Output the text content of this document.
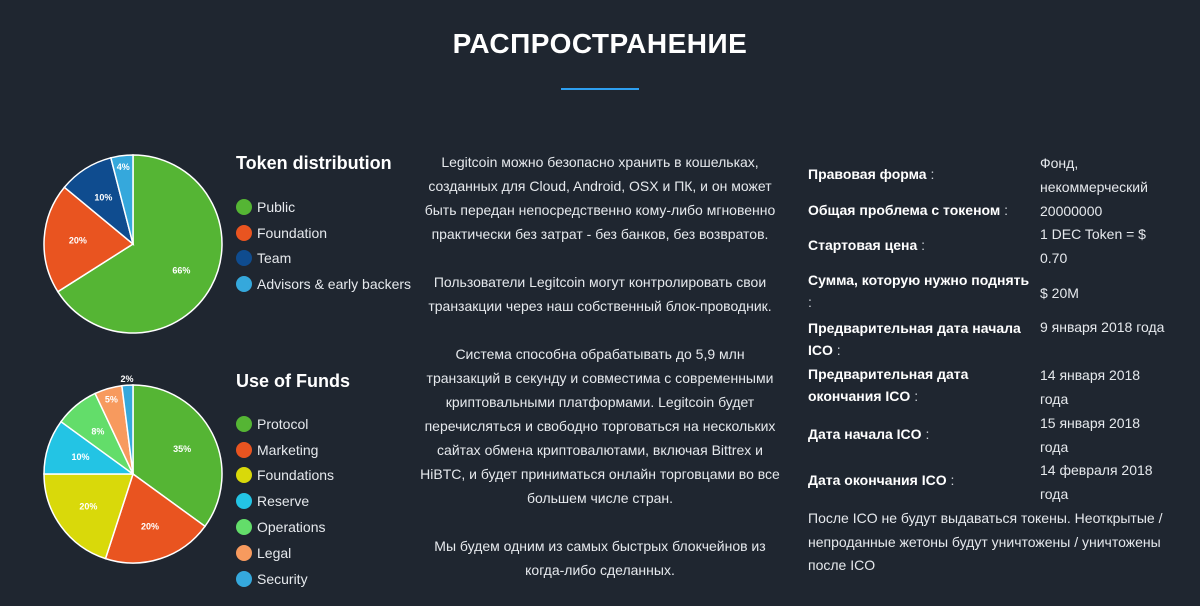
РАСПРОСТРАНЕНИЕ
66%
20%
10%
4%	Token distribution
Public
Foundation
Team
Advisors & early backers
35%
20%
20%
10%
8%
5%
2%	Use of Funds
Protocol
Marketing
Foundations
Reserve
Operations
Legal
Security

Legitcoin можно безопасно хранить в кошельках, созданных для Cloud, Android, OSX и ПК, и он может быть передан непосредственно кому-либо мгновенно практически без затрат - без банков, без возвратов.

Пользователи Legitcoin могут контролировать свои транзакции через наш собственный блок-проводник.

Система способна обрабатывать до 5,9 млн транзакций в секунду и совместима с современными криптовальными платформами. Legitcoin будет перечисляться и свободно торговаться на нескольких сайтах обмена криптовалютами, включая Bittrex и HiBTC, и будет приниматься онлайн торговцами во все большем числе стран.

Мы будем одним из самых быстрых блокчейнов из когда-либо сделанных.

Правовая форма :
Фонд, некоммерческий
Общая проблема с токеном :	20000000
Стартовая цена :
1 DEC Token = $ 0.70
Сумма, которую нужно поднять :
$ 20M
Предварительная дата начала ICO :
9 января 2018 года
Предварительная дата окончания ICO :
14 января 2018 года
Дата начала ICO :
15 января 2018 года
Дата окончания ICO :
14 февраля 2018 года
После ICO не будут выдаваться токены. Неоткрытые / непроданные жетоны будут уничтожены / уничтожены после ICO
